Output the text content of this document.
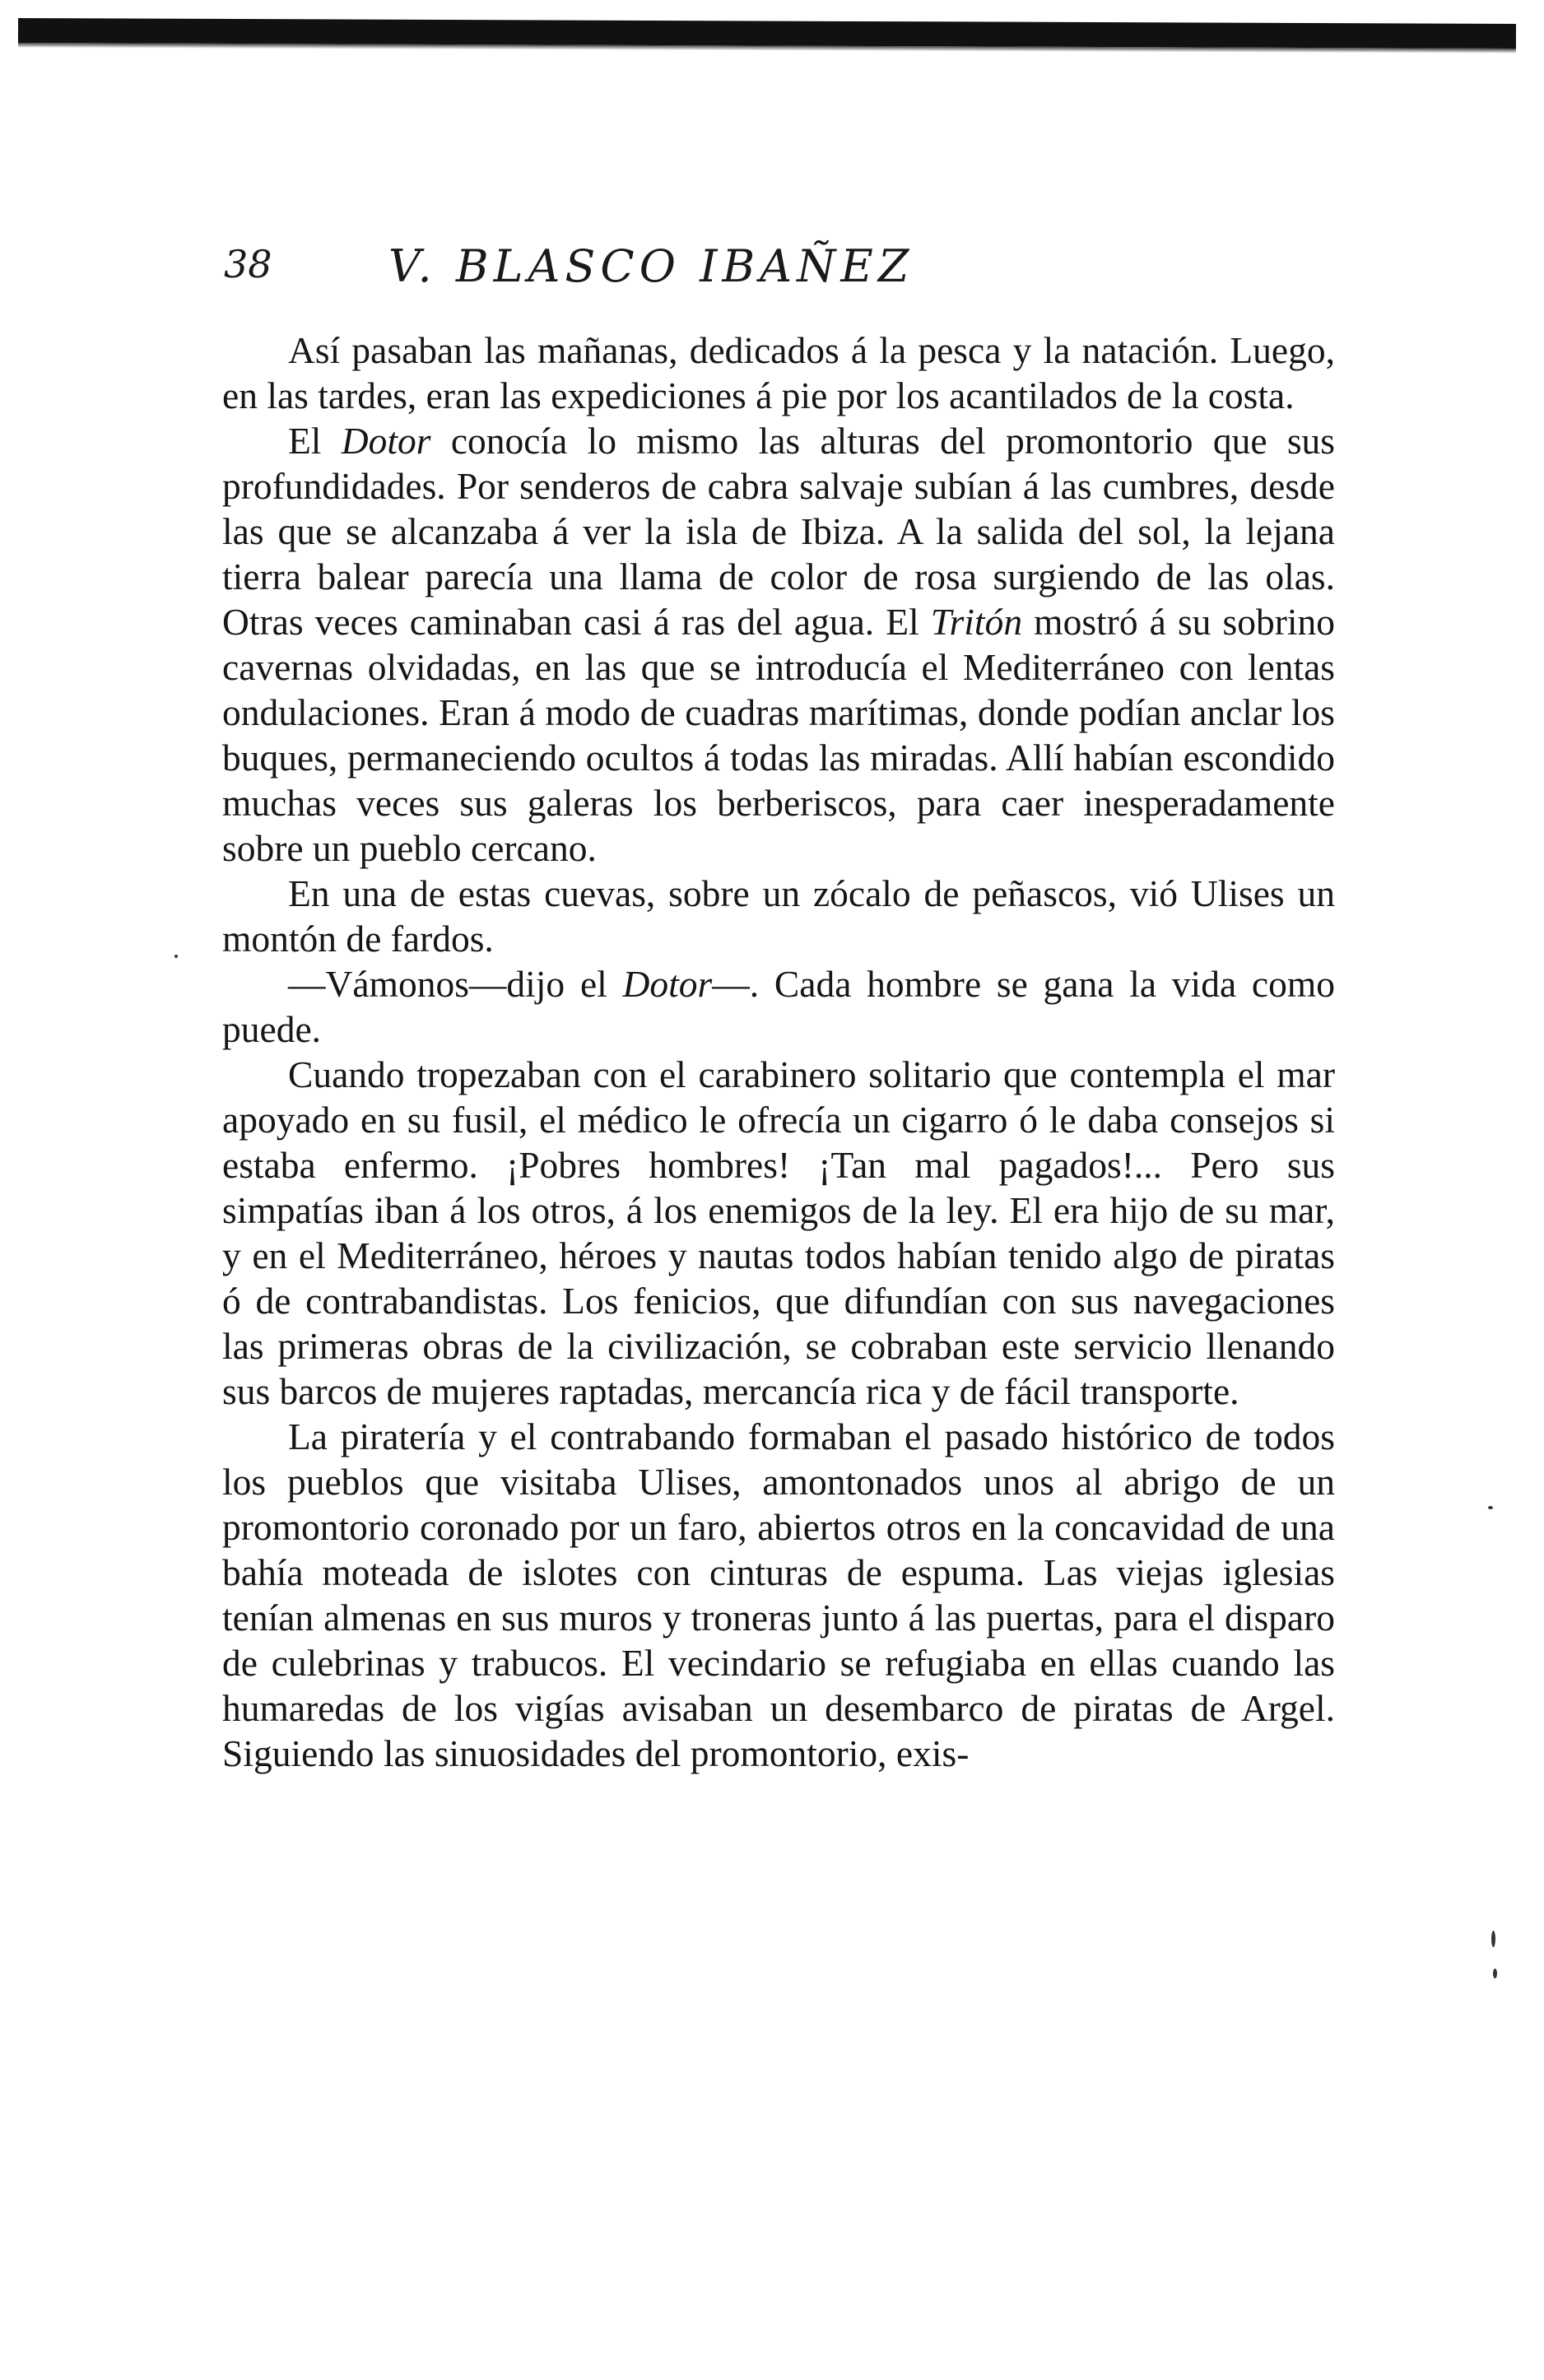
38	V. BLASCO IBAÑEZ

Así pasaban las mañanas, dedicados á la pesca y la natación. Luego, en las tardes, eran las expediciones á pie por los acantilados de la costa.

El Dotor conocía lo mismo las alturas del promontorio que sus profundidades. Por senderos de cabra salvaje subían á las cumbres, desde las que se alcanzaba á ver la isla de Ibiza. A la salida del sol, la lejana tierra balear parecía una llama de color de rosa surgiendo de las olas. Otras veces caminaban casi á ras del agua. El Tritón mostró á su sobrino cavernas olvidadas, en las que se introducía el Mediterráneo con lentas ondulaciones. Eran á modo de cuadras marítimas, donde podían anclar los buques, permaneciendo ocultos á todas las miradas. Allí habían escondido muchas veces sus galeras los berberiscos, para caer inesperadamente sobre un pueblo cercano.

En una de estas cuevas, sobre un zócalo de peñascos, vió Ulises un montón de fardos.

—Vámonos—dijo el Dotor—. Cada hombre se gana la vida como puede.

Cuando tropezaban con el carabinero solitario que contempla el mar apoyado en su fusil, el médico le ofrecía un cigarro ó le daba consejos si estaba enfermo. ¡Pobres hombres! ¡Tan mal pagados!... Pero sus simpatías iban á los otros, á los enemigos de la ley. El era hijo de su mar, y en el Mediterráneo, héroes y nautas todos habían tenido algo de piratas ó de contrabandistas. Los fenicios, que difundían con sus navegaciones las primeras obras de la civilización, se cobraban este servicio llenando sus barcos de mujeres raptadas, mercancía rica y de fácil transporte.

La piratería y el contrabando formaban el pasado histórico de todos los pueblos que visitaba Ulises, amontonados unos al abrigo de un promontorio coronado por un faro, abiertos otros en la concavidad de una bahía moteada de islotes con cinturas de espuma. Las viejas iglesias tenían almenas en sus muros y troneras junto á las puertas, para el disparo de culebrinas y trabucos. El vecindario se refugiaba en ellas cuando las humaredas de los vigías avisaban un desembarco de piratas de Argel. Siguiendo las sinuosidades del promontorio, exis-
